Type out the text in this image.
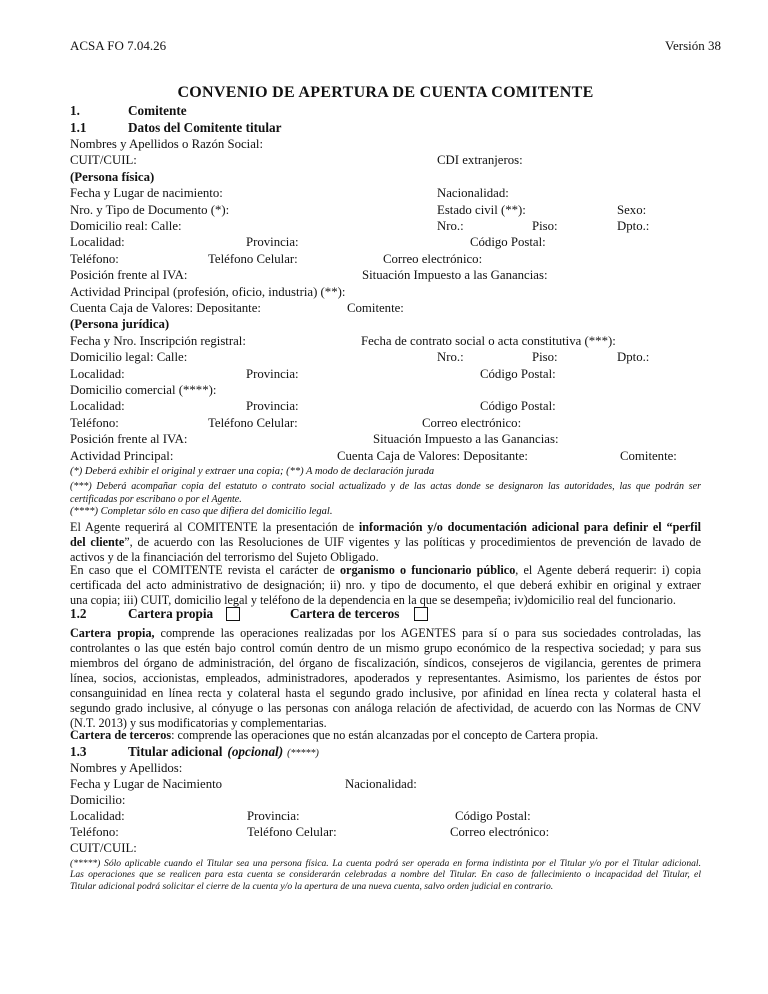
ACSA FO 7.04.26	Versión 38
CONVENIO DE APERTURA DE CUENTA COMITENTE
1.	Comitente
1.1	Datos del Comitente titular
Nombres y Apellidos o Razón Social:
CUIT/CUIL:	CDI extranjeros:
(Persona física)
Fecha y Lugar de nacimiento:	Nacionalidad:
Nro. y Tipo de Documento (*):	Estado civil (**):	Sexo:
Domicilio real: Calle:	Nro.:	Piso:	Dpto.:
Localidad:	Provincia:	Código Postal:
Teléfono:	Teléfono Celular:	Correo electrónico:
Posición frente al IVA:	Situación Impuesto a las Ganancias:
Actividad Principal (profesión, oficio, industria) (**):
Cuenta Caja de Valores: Depositante:	Comitente:
(Persona jurídica)
Fecha y Nro. Inscripción registral:	Fecha de contrato social o acta constitutiva (***):
Domicilio legal: Calle:	Nro.:	Piso:	Dpto.:
Localidad:	Provincia:	Código Postal:
Domicilio comercial (****):
Localidad:	Provincia:	Código Postal:
Teléfono:	Teléfono Celular:	Correo electrónico:
Posición frente al IVA:	Situación Impuesto a las Ganancias:
Actividad Principal:	Cuenta Caja de Valores: Depositante:	Comitente:
(*) Deberá exhibir el original y extraer una copia; (**) A modo de declaración jurada
(***) Deberá acompañar copia del estatuto o contrato social actualizado y de las actas donde se designaron las autoridades, las que podrán ser
certificadas por escribano o por el Agente.
(****) Completar sólo en caso que difiera del domicilio legal.
El Agente requerirá al COMITENTE la presentación de información y/o documentación adicional para definir el “perfil
del cliente”, de acuerdo con las Resoluciones de UIF vigentes y las políticas y procedimientos de prevención de lavado de
activos y de la financiación del terrorismo del Sujeto Obligado.
En caso que el COMITENTE revista el carácter de organismo o funcionario público, el Agente deberá requerir: i) copia
certificada del acto administrativo de designación; ii) nro. y tipo de documento, el que deberá exhibir en original y extraer
una copia; iii) CUIT, domicilio legal y teléfono de la dependencia en la que se desempeña; iv)domicilio real del funcionario.
1.2	Cartera propia	Cartera de terceros
Cartera propia, comprende las operaciones realizadas por los AGENTES para sí o para sus sociedades controladas, las
controlantes o las que estén bajo control común dentro de un mismo grupo económico de la respectiva sociedad; y para sus
miembros del órgano de administración, del órgano de fiscalización, síndicos, consejeros de vigilancia, gerentes de primera
línea, socios, accionistas, empleados, administradores, apoderados y representantes. Asimismo, los parientes de éstos por
consanguinidad en línea recta y colateral hasta el segundo grado inclusive, por afinidad en línea recta y colateral hasta el
segundo grado inclusive, al cónyuge o las personas con análoga relación de afectividad, de acuerdo con las Normas de CNV
(N.T. 2013) y sus modificatorias y complementarias.
Cartera de terceros: comprende las operaciones que no están alcanzadas por el concepto de Cartera propia.
1.3	Titular adicional (opcional) (*****)
Nombres y Apellidos:
Fecha y Lugar de Nacimiento	Nacionalidad:
Domicilio:
Localidad:	Provincia:	Código Postal:
Teléfono:	Teléfono Celular:	Correo electrónico:
CUIT/CUIL:
(*****) Sólo aplicable cuando el Titular sea una persona física. La cuenta podrá ser operada en forma indistinta por el Titular y/o por el Titular adicional.
Las operaciones que se realicen para esta cuenta se considerarán celebradas a nombre del Titular. En caso de fallecimiento o incapacidad del Titular, el
Titular adicional podrá solicitar el cierre de la cuenta y/o la apertura de una nueva cuenta, salvo orden judicial en contrario.
